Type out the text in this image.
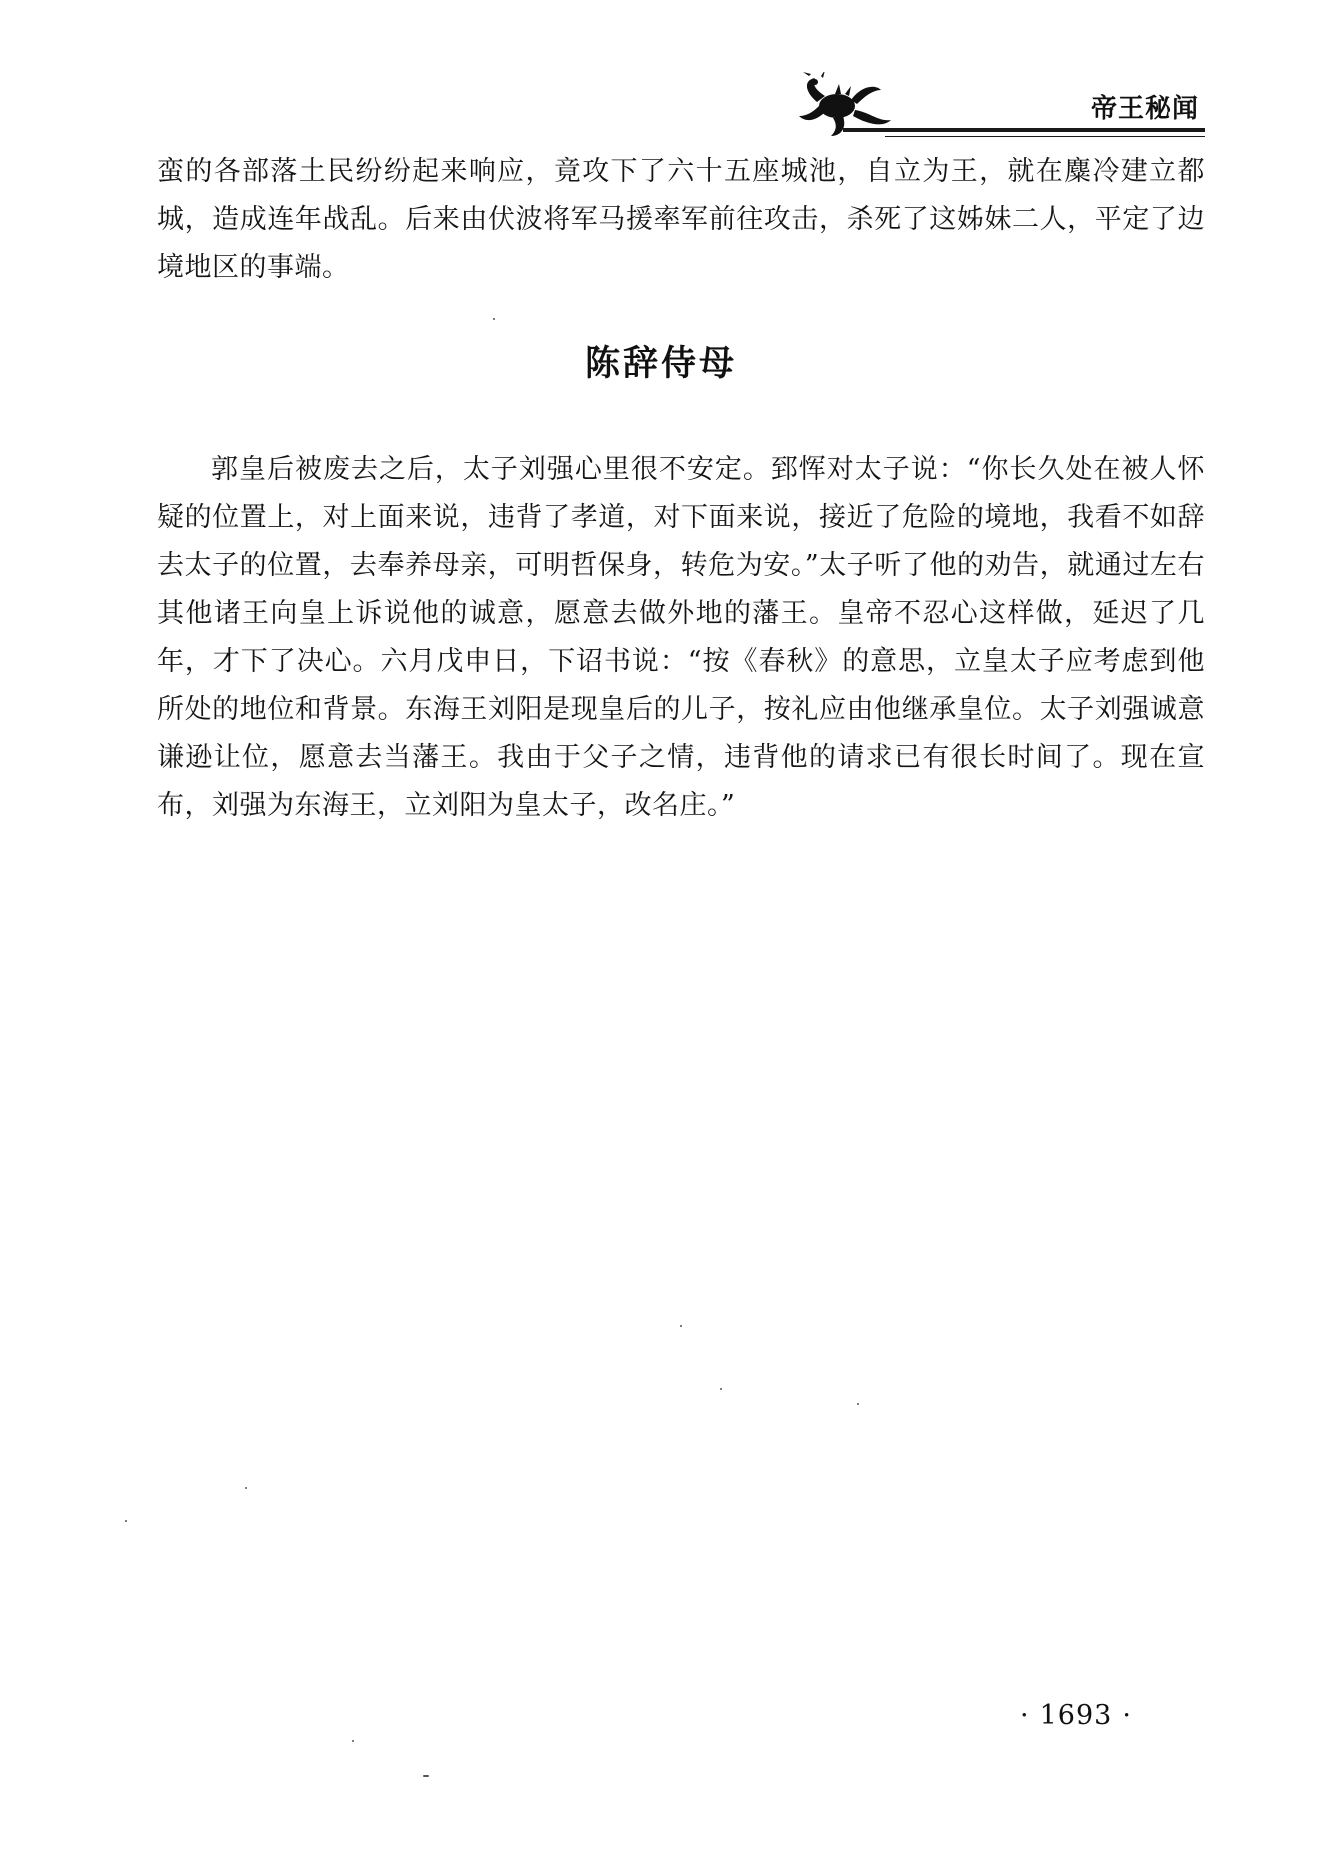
帝王秘闻

蛮的各部落土民纷纷起来响应，竟攻下了六十五座城池，自立为王，就在麋冷建立都城，造成连年战乱。后来由伏波将军马援率军前往攻击，杀死了这姊妹二人，平定了边境地区的事端。

陈辞侍母

郭皇后被废去之后，太子刘强心里很不安定。郅恽对太子说：“你长久处在被人怀疑的位置上，对上面来说，违背了孝道，对下面来说，接近了危险的境地，我看不如辞去太子的位置，去奉养母亲，可明哲保身，转危为安。”太子听了他的劝告，就通过左右其他诸王向皇上诉说他的诚意，愿意去做外地的藩王。皇帝不忍心这样做，延迟了几年，才下了决心。六月戊申日，下诏书说：“按《春秋》的意思，立皇太子应考虑到他所处的地位和背景。东海王刘阳是现皇后的儿子，按礼应由他继承皇位。太子刘强诚意谦逊让位，愿意去当藩王。我由于父子之情，违背他的请求已有很长时间了。现在宣布，刘强为东海王，立刘阳为皇太子，改名庄。”

· 1693 ·
